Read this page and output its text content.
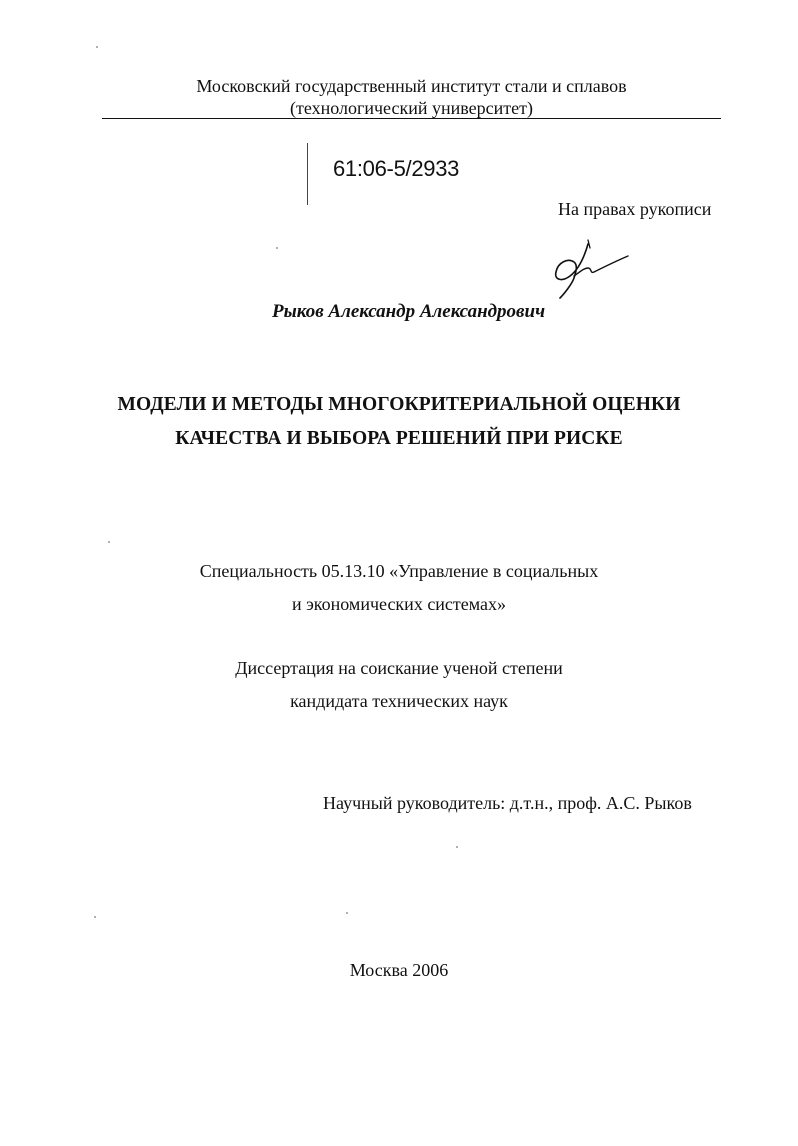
Московский государственный институт стали и сплавов
(технологический университет)
61:06-5/2933
На правах рукописи
Рыков Александр Александрович
МОДЕЛИ И МЕТОДЫ МНОГОКРИТЕРИАЛЬНОЙ ОЦЕНКИ
КАЧЕСТВА И ВЫБОРА РЕШЕНИЙ ПРИ РИСКЕ
Специальность 05.13.10 «Управление в социальных
и экономических системах»
Диссертация на соискание ученой степени
кандидата технических наук
Научный руководитель: д.т.н., проф. А.С. Рыков
Москва 2006
